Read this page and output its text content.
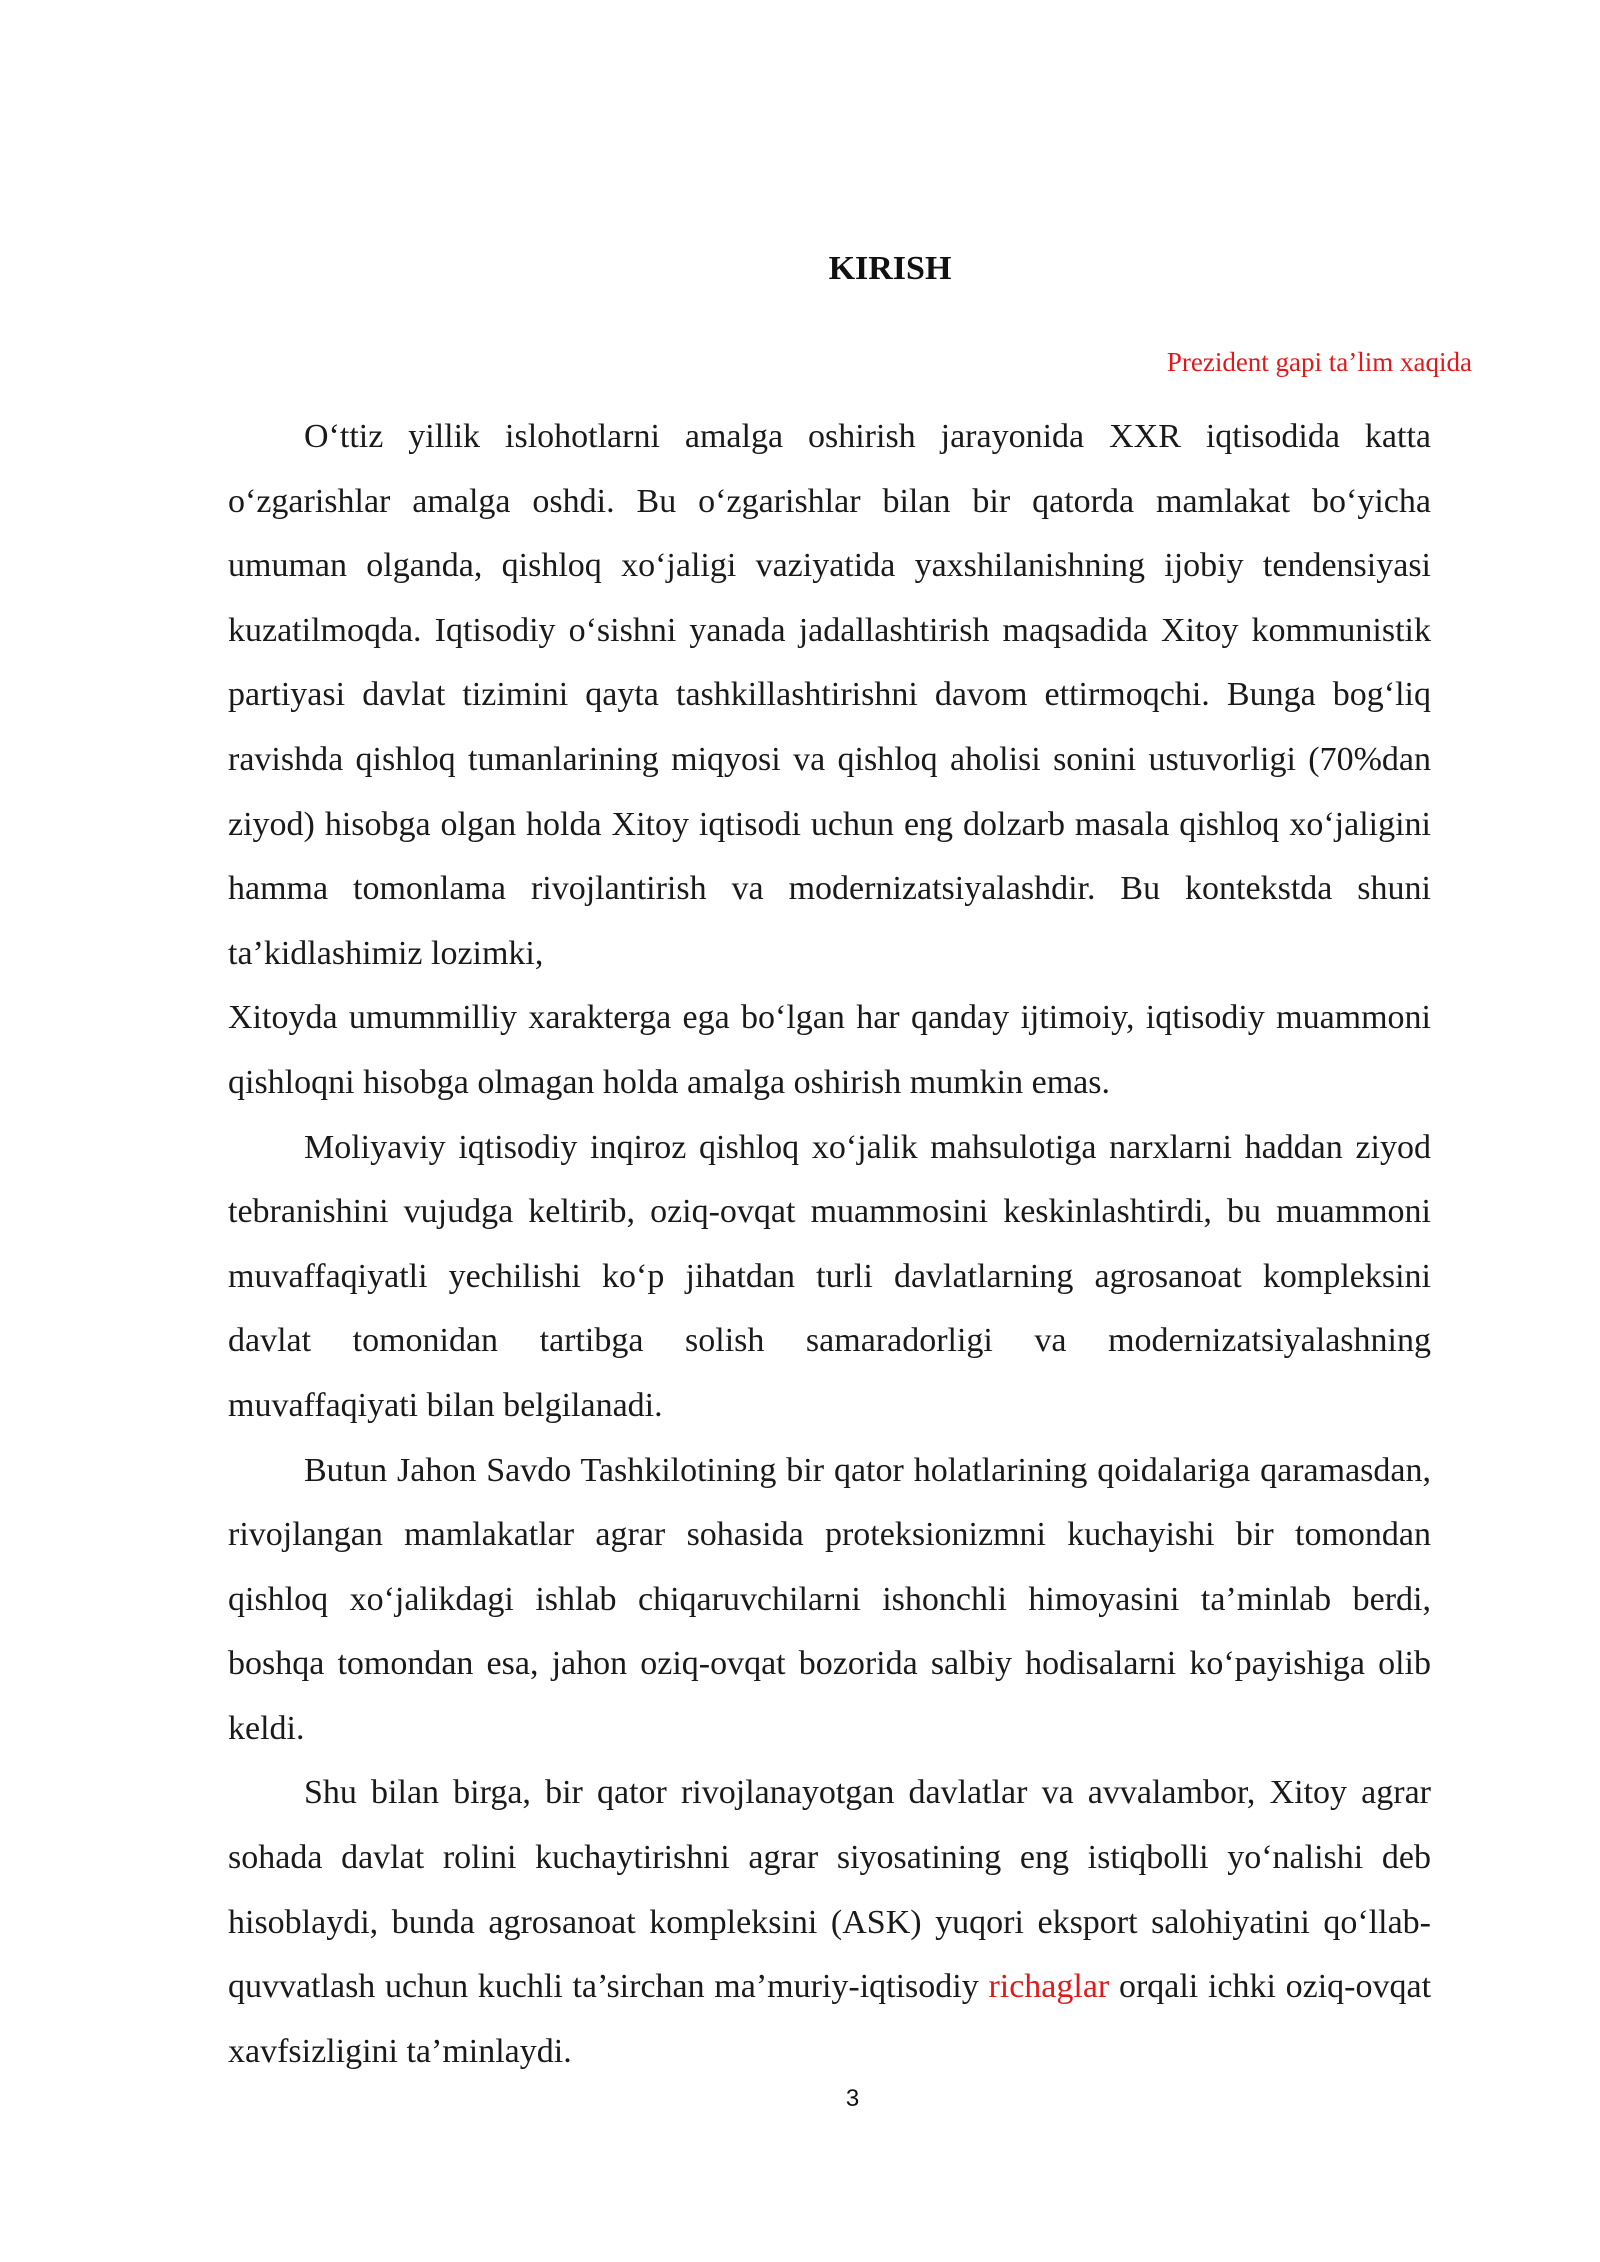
KIRISH
Prezident gapi ta’lim xaqida

O‘ttiz yillik islohotlarni amalga oshirish jarayonida XXR iqtisodida katta o‘zgarishlar amalga oshdi. Bu o‘zgarishlar bilan bir qatorda mamlakat bo‘yicha umuman olganda, qishloq xo‘jaligi vaziyatida yaxshilanishning ijobiy tendensiyasi kuzatilmoqda. Iqtisodiy o‘sishni yanada jadallashtirish maqsadida Xitoy kommunistik partiyasi davlat tizimini qayta tashkillashtirishni davom ettirmoqchi. Bunga bog‘liq ravishda qishloq tumanlarining miqyosi va qishloq aholisi sonini ustuvorligi (70%dan ziyod) hisobga olgan holda Xitoy iqtisodi uchun eng dolzarb masala qishloq xo‘jaligini hamma tomonlama rivojlantirish va modernizatsiyalashdir. Bu kontekstda shuni ta’kidlashimiz lozimki,

Xitoyda umummilliy xarakterga ega bo‘lgan har qanday ijtimoiy, iqtisodiy muammoni qishloqni hisobga olmagan holda amalga oshirish mumkin emas.

Moliyaviy iqtisodiy inqiroz qishloq xo‘jalik mahsulotiga narxlarni haddan ziyod tebranishini vujudga keltirib, oziq-ovqat muammosini keskinlashtirdi, bu muammoni muvaffaqiyatli yechilishi ko‘p jihatdan turli davlatlarning agrosanoat kompleksini davlat tomonidan tartibga solish samaradorligi va modernizatsiyalashning muvaffaqiyati bilan belgilanadi.

Butun Jahon Savdo Tashkilotining bir qator holatlarining qoidalariga qaramasdan, rivojlangan mamlakatlar agrar sohasida proteksionizmni kuchayishi bir tomondan qishloq xo‘jalikdagi ishlab chiqaruvchilarni ishonchli himoyasini ta’minlab berdi, boshqa tomondan esa, jahon oziq-ovqat bozorida salbiy hodisalarni ko‘payishiga olib keldi.

Shu bilan birga, bir qator rivojlanayotgan davlatlar va avvalambor, Xitoy agrar sohada davlat rolini kuchaytirishni agrar siyosatining eng istiqbolli yo‘nalishi deb hisoblaydi, bunda agrosanoat kompleksini (ASK) yuqori eksport salohiyatini qo‘llab-quvvatlash uchun kuchli ta’sirchan ma’muriy-iqtisodiy richaglar orqali ichki oziq-ovqat xavfsizligini ta’minlaydi.

3
